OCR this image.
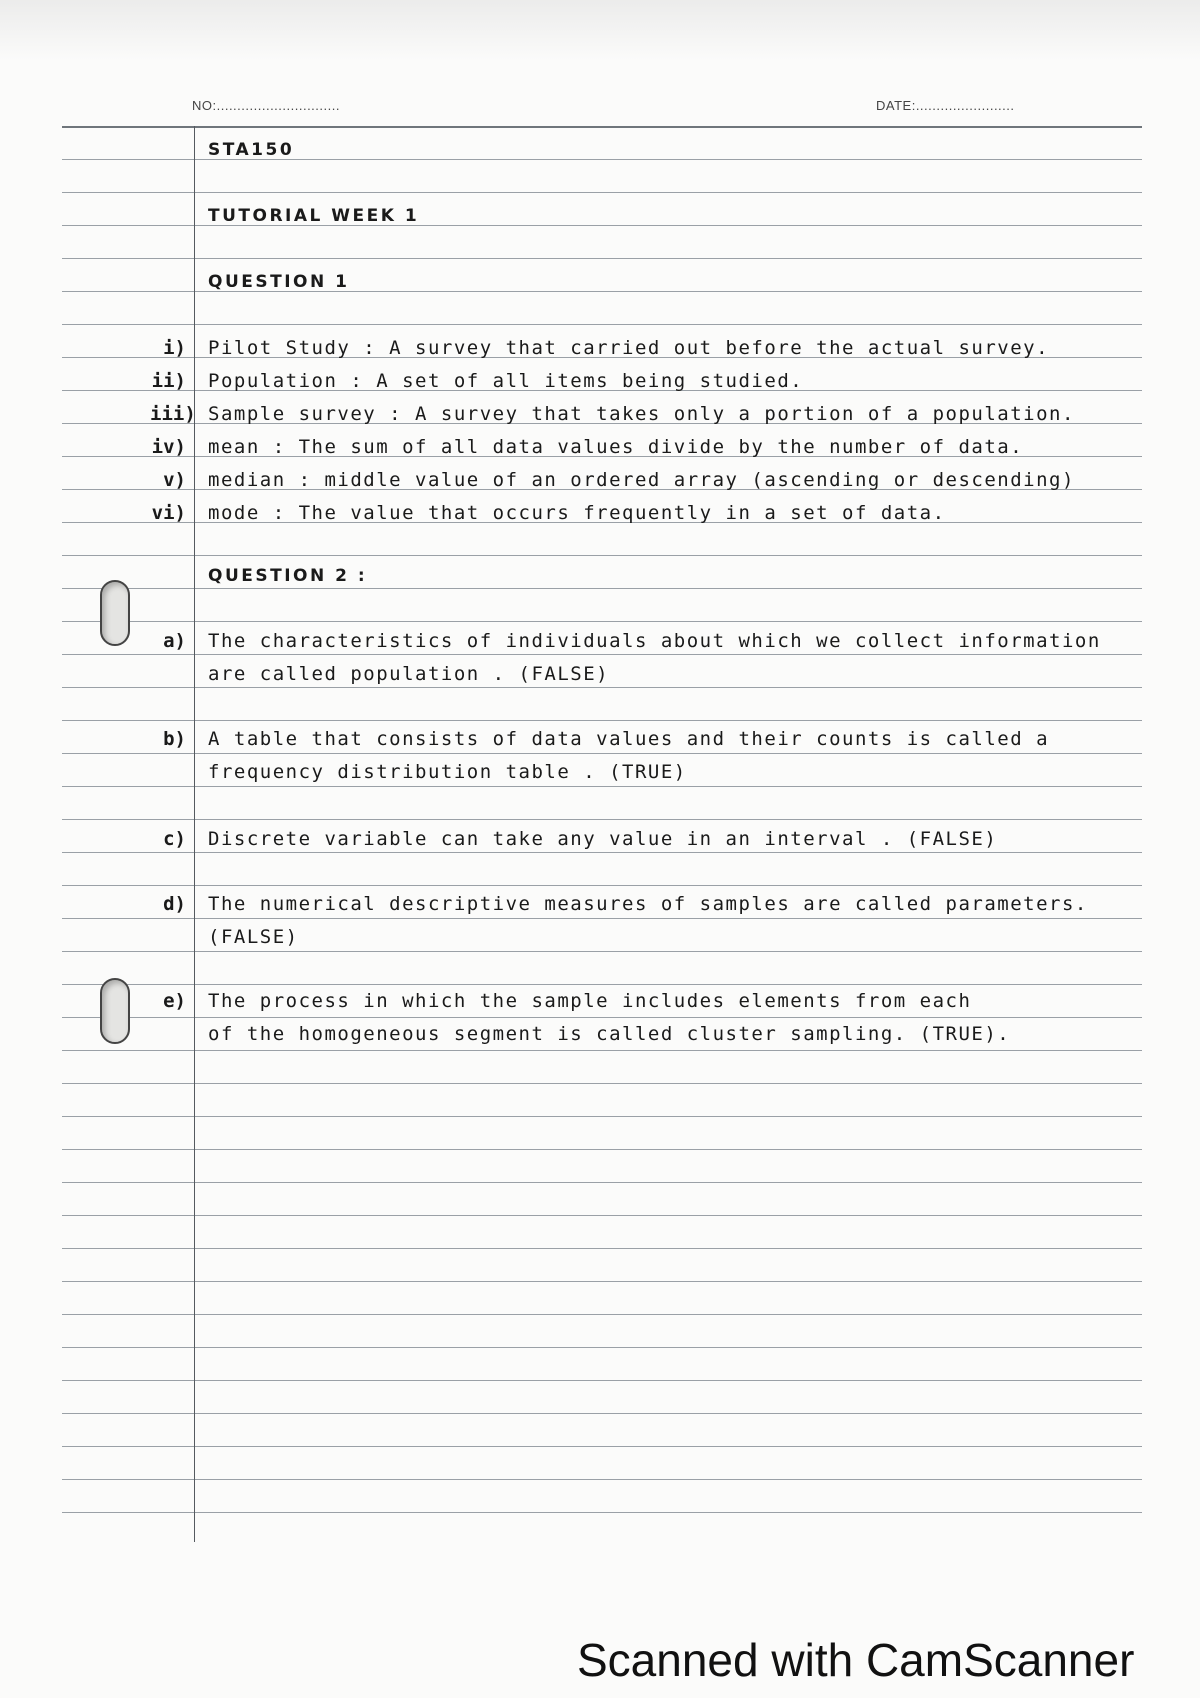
NO:..............................	DATE:........................
STA150
TUTORIAL WEEK 1
QUESTION 1
i) Pilot Study : A survey that carried out before the actual survey.
ii) Population : A set of all items being studied.
iii) Sample survey : A survey that takes only a portion of a population.
iv) mean : The sum of all data values divide by the number of data.
v) median : middle value of an ordered array (ascending or descending)
vi) mode : The value that occurs frequently in a set of data.
QUESTION 2 :
a) The characteristics of individuals about which we collect information
are called population . (FALSE)
b) A table that consists of data values and their counts is called a
frequency distribution table . (TRUE)
c) Discrete variable can take any value in an interval . (FALSE)
d) The numerical descriptive measures of samples are called parameters.
(FALSE)
e) The process in which the sample includes elements from each
of the homogeneous segment is called cluster sampling. (TRUE).
Scanned with CamScanner
